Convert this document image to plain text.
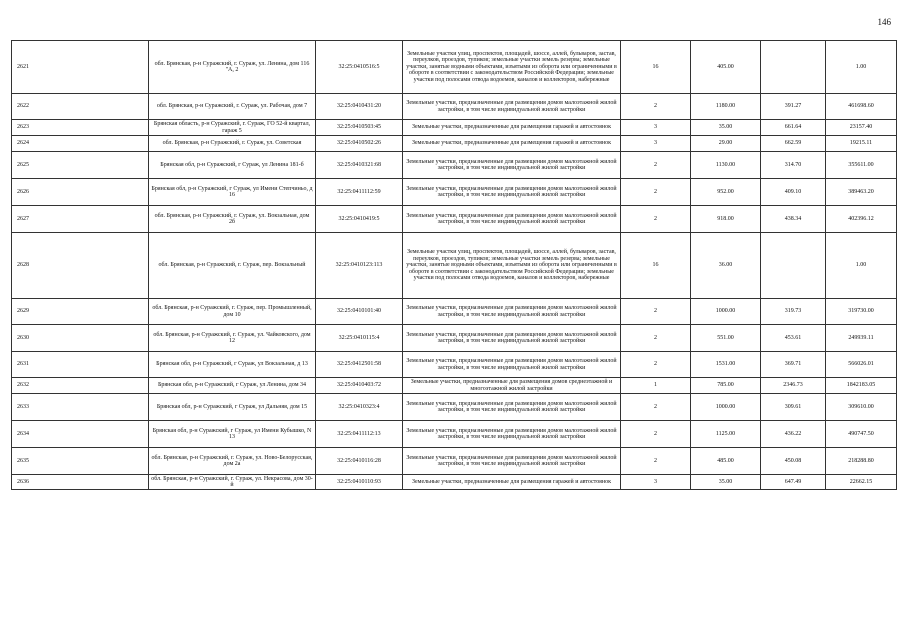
146
2621	обл. Брянская, р-н Суражский, г. Сураж, ул. Ленина, дом 116 "А, 2	32:25:0410516:5	Земельные участки улиц, проспектов, площадей, шоссе, аллей, бульваров, застав, переулков, проездов, тупиков; земельные участки земель резерва; земельные участки, занятые водными объектами, изъятыми из оборота или ограниченными в обороте в соответствии с законодательством Российской Федерации; земельные участки под полосами отвода водоемов, каналов и коллекторов, набережные	16	405.00		1.00
2622	обл. Брянская, р-н Суражский, г. Сураж, ул. Рабочая, дом 7	32:25:0410431:20	Земельные участки, предназначенные для размещения домов малоэтажной жилой застройки, в том числе индивидуальной жилой застройки	2	1180.00	391.27	461698.60
2623	Брянская область, р-н Суражский, г. Сураж, ГО 52-й квартал, гараж 5	32:25:0410503:45	Земельные участки, предназначенные для размещения гаражей и автостоянок	3	35.00	661.64	23157.40
2624	обл. Брянская, р-н Суражский, г. Сураж, ул. Советская	32:25:0410502:26	Земельные участки, предназначенные для размещения гаражей и автостоянок	3	29.00	662.59	19215.11
2625	Брянская обл, р-н Суражский, г Сураж, ул Ленина 181-б	32:25:0410321:68	Земельные участки, предназначенные для размещения домов малоэтажной жилой застройки, в том числе индивидуальной жилой застройки	2	1130.00	314.70	355611.00
2626	Брянская обл, р-н Суражский, г Сураж, ул Имени Степчиньо, д 16	32:25:0411112:59	Земельные участки, предназначенные для размещения домов малоэтажной жилой застройки, в том числе индивидуальной жилой застройки	2	952.00	409.10	389463.20
2627	обл. Брянская, р-н Суражский, г. Сураж, ул. Вокзальная, дом 2б	32:25:0410419:5	Земельные участки, предназначенные для размещения домов малоэтажной жилой застройки, в том числе индивидуальной жилой застройки	2	918.00	438.34	402396.12
2628	обл. Брянская, р-н Суражский, г. Сураж, пер. Вокзальный	32:25:0410123:113	Земельные участки улиц, проспектов, площадей, шоссе, аллей, бульваров, застав, переулков, проездов, тупиков; земельные участки земель резерва; земельные участки, занятые водными объектами, изъятыми из оборота или ограниченными в обороте в соответствии с законодательством Российской Федерации; земельные участки под полосами отвода водоемов, каналов и коллекторов, набережные	16	36.00		1.00
2629	обл. Брянская, р-н Суражский, г. Сураж, пер. Промышленный, дом 10	32:25:0410101:40	Земельные участки, предназначенные для размещения домов малоэтажной жилой застройки, в том числе индивидуальной жилой застройки	2	1000.00	319.73	319730.00
2630	обл. Брянская, р-н Суражский, г. Сураж, ул. Чайковского, дом 12	32:25:0410115:4	Земельные участки, предназначенные для размещения домов малоэтажной жилой застройки, в том числе индивидуальной жилой застройки	2	551.00	453.61	249939.11
2631	Брянская обл, р-н Суражский, г Сураж, ул Вокзальная, д 13	32:25:0412501:58	Земельные участки, предназначенные для размещения домов малоэтажной жилой застройки, в том числе индивидуальной жилой застройки	2	1531.00	369.71	566026.01
2632	Брянская обл, р-н Суражский, г Сураж, ул Ленина, дом 34	32:25:0410403:72	Земельные участки, предназначенные для размещения домов среднеэтажной и многоэтажной жилой застройки	1	785.00	2346.73	1842183.05
2633	Брянская обл, р-н Суражский, г Сураж, ул Дальняя, дом 15	32:25:0410323:4	Земельные участки, предназначенные для размещения домов малоэтажной жилой застройки, в том числе индивидуальной жилой застройки	2	1000.00	309.61	309610.00
2634	Брянская обл, р-н Суражский, г Сураж, ул Имени Кубышко, N 13	32:25:0411112:13	Земельные участки, предназначенные для размещения домов малоэтажной жилой застройки, в том числе индивидуальной жилой застройки	2	1125.00	436.22	490747.50
2635	обл. Брянская, р-н Суражский, г. Сураж, ул. Ново-Белорусская, дом 2а	32:25:0410116:28	Земельные участки, предназначенные для размещения домов малоэтажной жилой застройки, в том числе индивидуальной жилой застройки	2	485.00	450.08	218288.80
2636	обл. Брянская, р-н Суражский, г. Сураж, ул. Некрасова, дом 30-й	32:25:0410110:93	Земельные участки, предназначенные для размещения гаражей и автостоянок	3	35.00	647.49	22662.15
